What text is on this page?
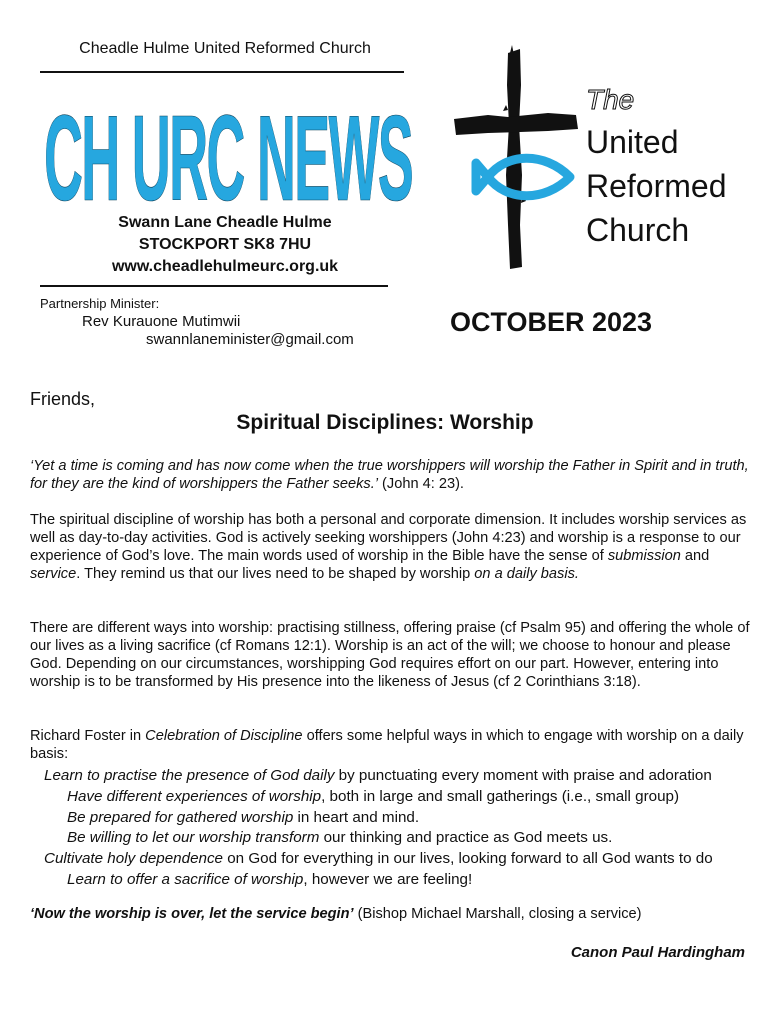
Cheadle Hulme United Reformed Church
CH URC NEWS
Swann Lane Cheadle Hulme
STOCKPORT SK8 7HU
www.cheadlehulmeurc.org.uk
Partnership Minister:
Rev Kurauone Mutimwii
swannlaneminister@gmail.com
The
United
Reformed
Church
OCTOBER 2023
Friends,
Spiritual Disciplines: Worship
‘Yet a time is coming and has now come when the true worshippers will worship the Father in Spirit and in truth, for they are the kind of worshippers the Father seeks.’ (John 4: 23).
The spiritual discipline of worship has both a personal and corporate dimension. It includes worship services as well as day-to-day activities. God is actively seeking worshippers (John 4:23) and worship is a response to our experience of God’s love. The main words used of worship in the Bible have the sense of submission and service. They remind us that our lives need to be shaped by worship on a daily basis.
There are different ways into worship: practising stillness, offering praise (cf Psalm 95) and offering the whole of our lives as a living sacrifice (cf Romans 12:1). Worship is an act of the will; we choose to honour and please God. Depending on our circumstances, worshipping God requires effort on our part. However, entering into worship is to be transformed by His presence into the likeness of Jesus (cf 2 Corinthians 3:18).
Richard Foster in Celebration of Discipline offers some helpful ways in which to engage with worship on a daily basis:
Learn to practise the presence of God daily by punctuating every moment with praise and adoration
Have different experiences of worship, both in large and small gatherings (i.e., small group)
Be prepared for gathered worship in heart and mind.
Be willing to let our worship transform our thinking and practice as God meets us.
Cultivate holy dependence on God for everything in our lives, looking forward to all God wants to do
Learn to offer a sacrifice of worship, however we are feeling!
‘Now the worship is over, let the service begin’ (Bishop Michael Marshall, closing a service)
Canon Paul Hardingham
